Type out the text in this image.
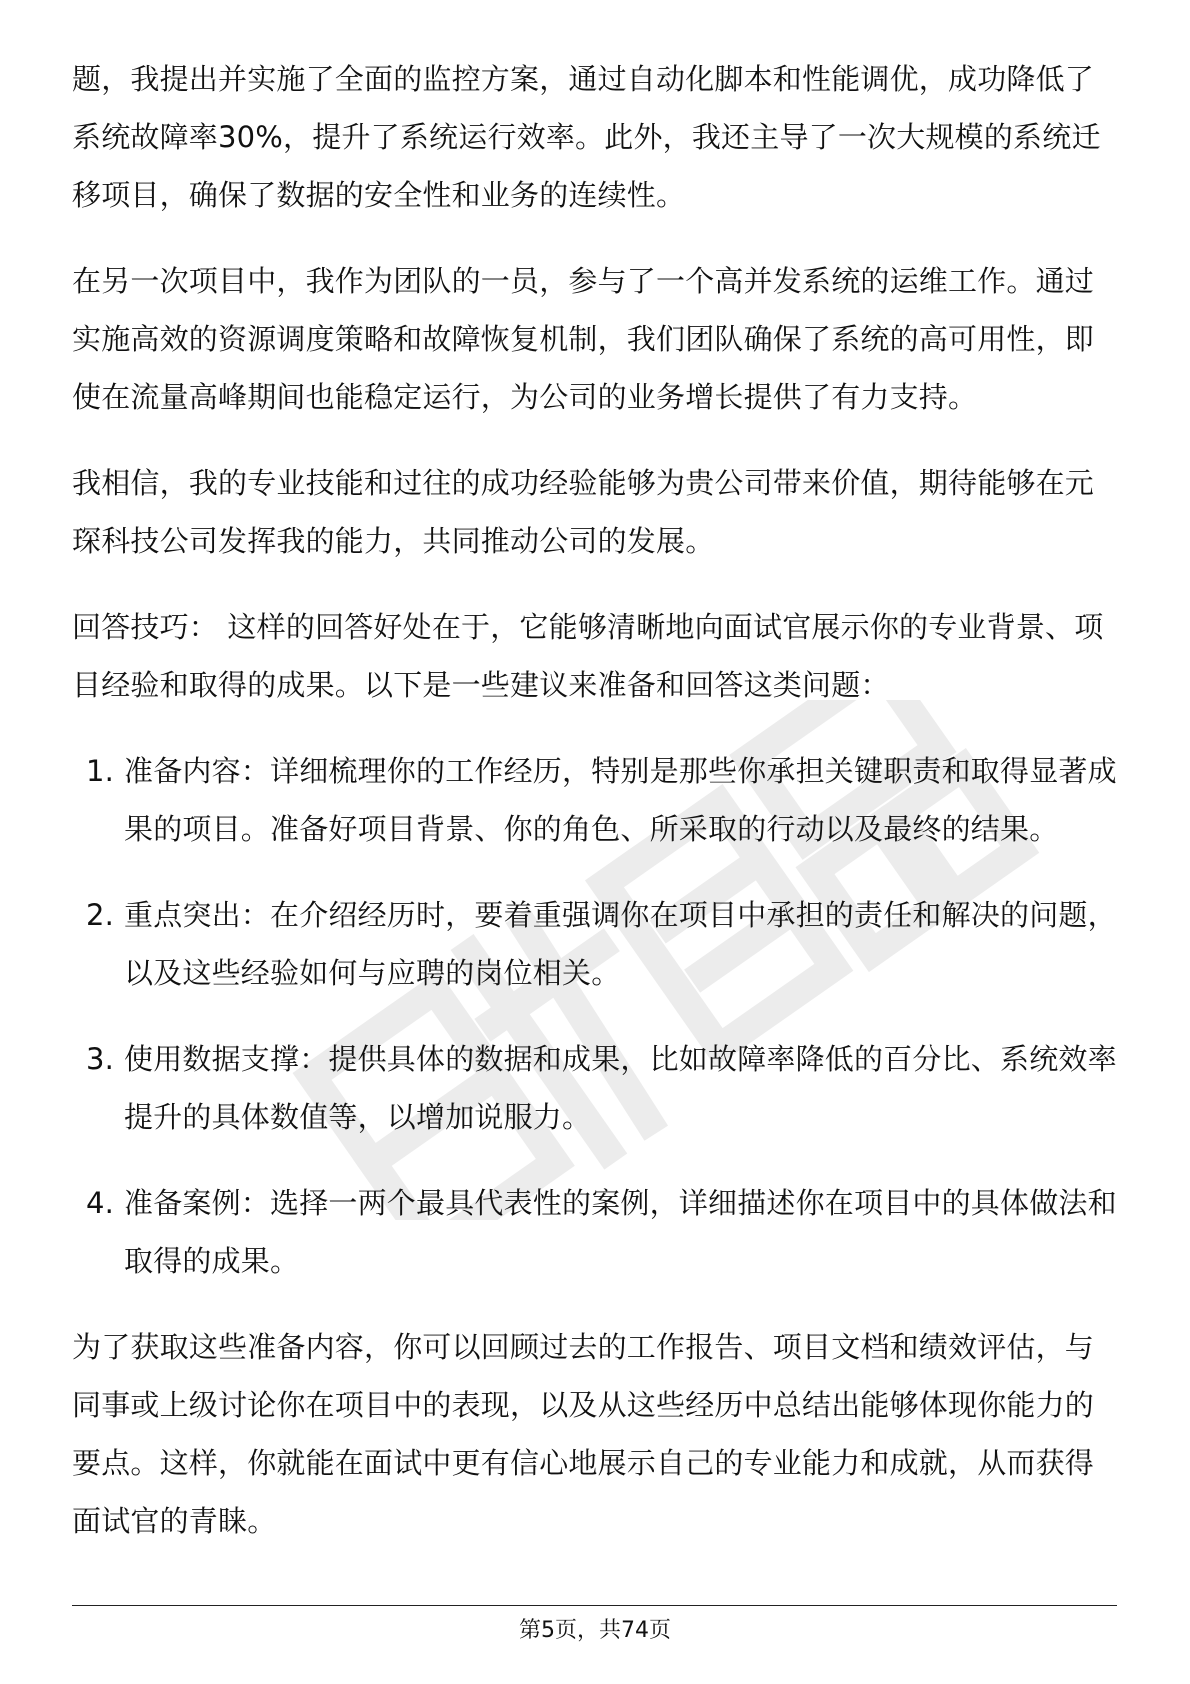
题，我提出并实施了全面的监控方案，通过自动化脚本和性能调优，成功降低了系统故障率30%，提升了系统运行效率。此外，我还主导了一次大规模的系统迁移项目，确保了数据的安全性和业务的连续性。

在另一次项目中，我作为团队的一员，参与了一个高并发系统的运维工作。通过实施高效的资源调度策略和故障恢复机制，我们团队确保了系统的高可用性，即使在流量高峰期间也能稳定运行，为公司的业务增长提供了有力支持。

我相信，我的专业技能和过往的成功经验能够为贵公司带来价值，期待能够在元琛科技公司发挥我的能力，共同推动公司的发展。

回答技巧： 这样的回答好处在于，它能够清晰地向面试官展示你的专业背景、项目经验和取得的成果。以下是一些建议来准备和回答这类问题：

1. 准备内容：详细梳理你的工作经历，特别是那些你承担关键职责和取得显著成果的项目。准备好项目背景、你的角色、所采取的行动以及最终的结果。
2. 重点突出：在介绍经历时，要着重强调你在项目中承担的责任和解决的问题，以及这些经验如何与应聘的岗位相关。
3. 使用数据支撑：提供具体的数据和成果，比如故障率降低的百分比、系统效率提升的具体数值等，以增加说服力。
4. 准备案例：选择一两个最具代表性的案例，详细描述你在项目中的具体做法和取得的成果。

为了获取这些准备内容，你可以回顾过去的工作报告、项目文档和绩效评估，与同事或上级讨论你在项目中的表现，以及从这些经历中总结出能够体现你能力的要点。这样，你就能在面试中更有信心地展示自己的专业能力和成就，从而获得面试官的青睐。

第5页，共74页
